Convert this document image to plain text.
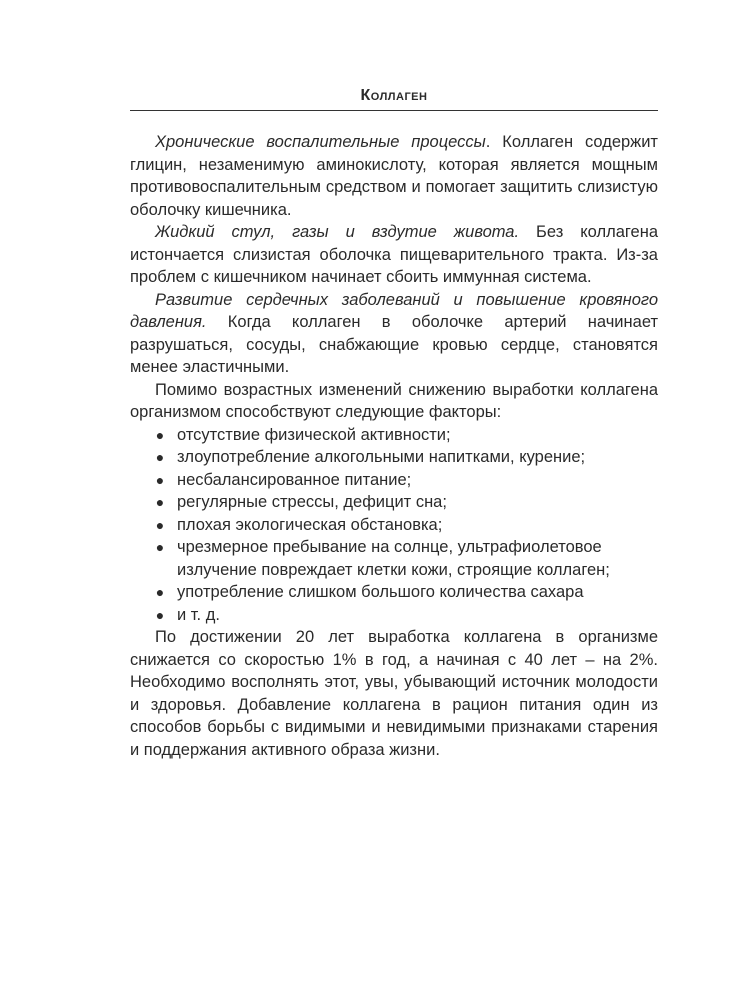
Коллаген

Хронические воспалительные процессы. Коллаген содержит глицин, незаменимую аминокислоту, которая является мощным противовоспалительным средством и помогает защитить слизистую оболочку кишечника.

Жидкий стул, газы и вздутие живота. Без коллагена истончается слизистая оболочка пищеварительного тракта. Из-за проблем с кишечником начинает сбоить иммунная система.

Развитие сердечных заболеваний и повышение кровяного давления. Когда коллаген в оболочке артерий начинает разрушаться, сосуды, снабжающие кровью сердце, становятся менее эластичными.

Помимо возрастных изменений снижению выработки коллагена организмом способствуют следующие факторы:

● отсутствие физической активности;
● злоупотребление алкогольными напитками, курение;
● несбалансированное питание;
● регулярные стрессы, дефицит сна;
● плохая экологическая обстановка;
● чрезмерное пребывание на солнце, ультрафиолетовое излучение повреждает клетки кожи, строящие коллаген;
● употребление слишком большого количества сахара
● и т. д.

По достижении 20 лет выработка коллагена в организме снижается со скоростью 1% в год, а начиная с 40 лет – на 2%. Необходимо восполнять этот, увы, убывающий источник молодости и здоровья. Добавление коллагена в рацион питания один из способов борьбы с видимыми и невидимыми признаками старения и поддержания активного образа жизни.
